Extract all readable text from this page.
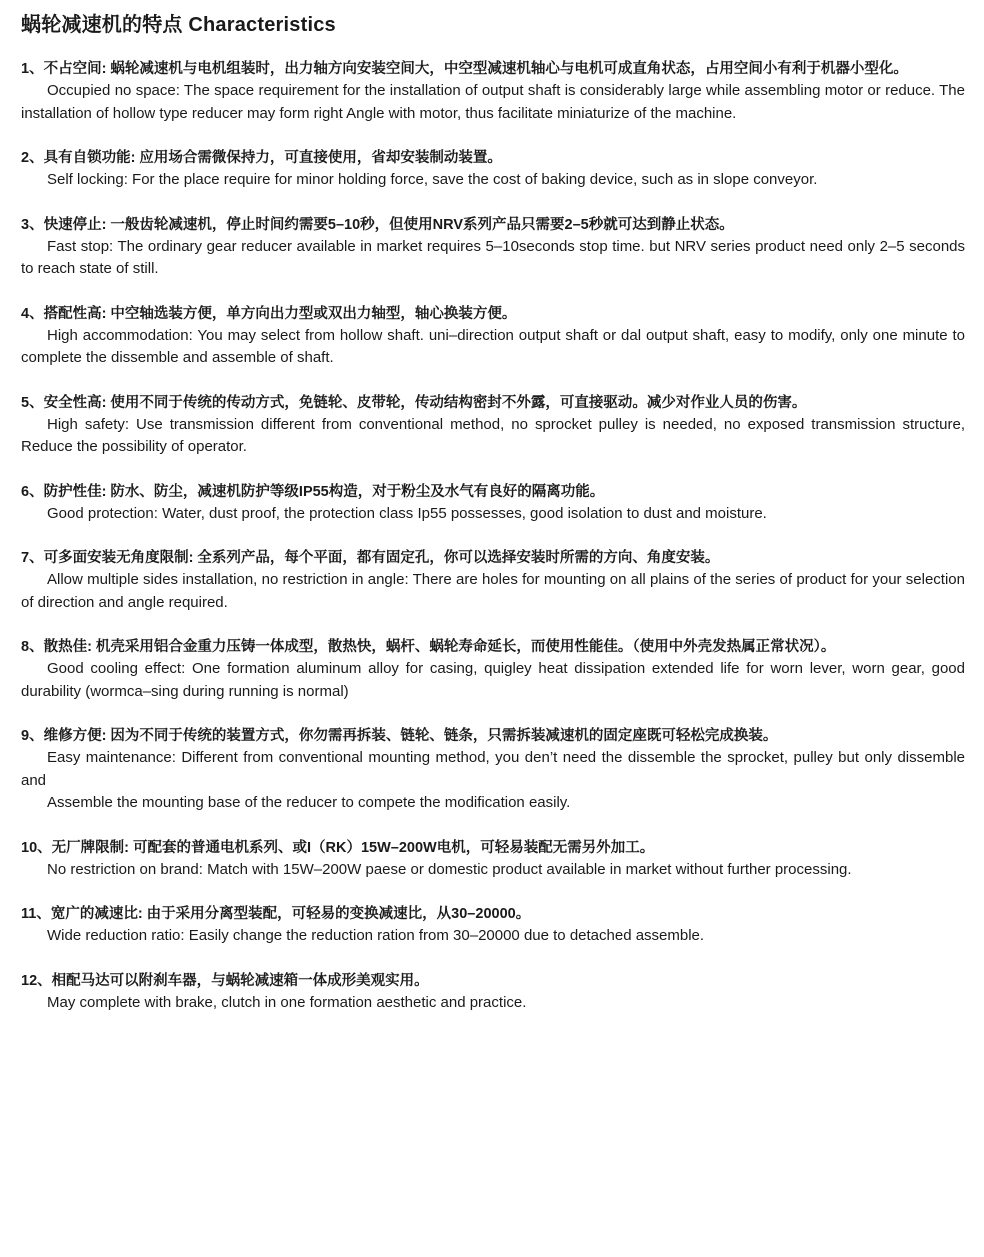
蜗轮减速机的特点 Characteristics
1、不占空间: 蜗轮减速机与电机组装时，出力轴方向安装空间大，中空型减速机轴心与电机可成直角状态，占用空间小有利于机器小型化。
Occupied no space: The space requirement for the installation of output shaft is considerably large while assembling motor or reduce. The installation of hollow type reducer may form right Angle with motor, thus facilitate miniaturize of the machine.
2、具有自锁功能: 应用场合需微保持力，可直接使用，省却安装制动装置。
Self locking: For the place require for minor holding force, save the cost of baking device, such as in slope conveyor.
3、快速停止: 一般齿轮减速机，停止时间约需要5–10秒，但使用NRV系列产品只需要2–5秒就可达到静止状态。
Fast stop: The ordinary gear reducer available in market requires 5–10seconds stop time. but NRV series product need only 2–5 seconds to reach state of still.
4、搭配性高: 中空轴选装方便，单方向出力型或双出力轴型，轴心换装方便。
High accommodation: You may select from hollow shaft. uni–direction output shaft or dal output shaft, easy to modify, only one minute to complete the dissemble and assemble of shaft.
5、安全性高: 使用不同于传统的传动方式，免链轮、皮带轮，传动结构密封不外露，可直接驱动。减少对作业人员的伤害。
High safety: Use transmission different from conventional method, no sprocket pulley is needed, no exposed transmission structure, Reduce the possibility of operator.
6、防护性佳: 防水、防尘，减速机防护等级IP55构造，对于粉尘及水气有良好的隔离功能。
Good protection: Water, dust proof, the protection class Ip55 possesses, good isolation to dust and moisture.
7、可多面安装无角度限制: 全系列产品，每个平面，都有固定孔，你可以选择安装时所需的方向、角度安装。
Allow multiple sides installation, no restriction in angle: There are holes for mounting on all plains of the series of product for your selection of direction and angle required.
8、散热佳: 机壳采用铝合金重力压铸一体成型，散热快，蜗杆、蜗轮寿命延长，而使用性能佳。（使用中外壳发热属正常状况）。
Good cooling effect: One formation aluminum alloy for casing, quigley heat dissipation extended life for worn lever, worn gear, good durability (wormca–sing during running is normal)
9、维修方便: 因为不同于传统的装置方式，你勿需再拆装、链轮、链条，只需拆装减速机的固定座既可轻松完成换装。
Easy maintenance: Different from conventional mounting method, you den’t need the dissemble the sprocket, pulley but only dissemble and
Assemble the mounting base of the reducer to compete the modification easily.
10、无厂牌限制: 可配套的普通电机系列、或I（RK）15W–200W电机，可轻易装配无需另外加工。
No restriction on brand: Match with 15W–200W paese or domestic product available in market without further processing.
11、宽广的减速比: 由于采用分离型装配，可轻易的变换减速比，从30–20000。
Wide reduction ratio: Easily change the reduction ration from 30–20000 due to detached assemble.
12、相配马达可以附刹车器，与蜗轮减速箱一体成形美观实用。
May complete with brake, clutch in one formation aesthetic and practice.
